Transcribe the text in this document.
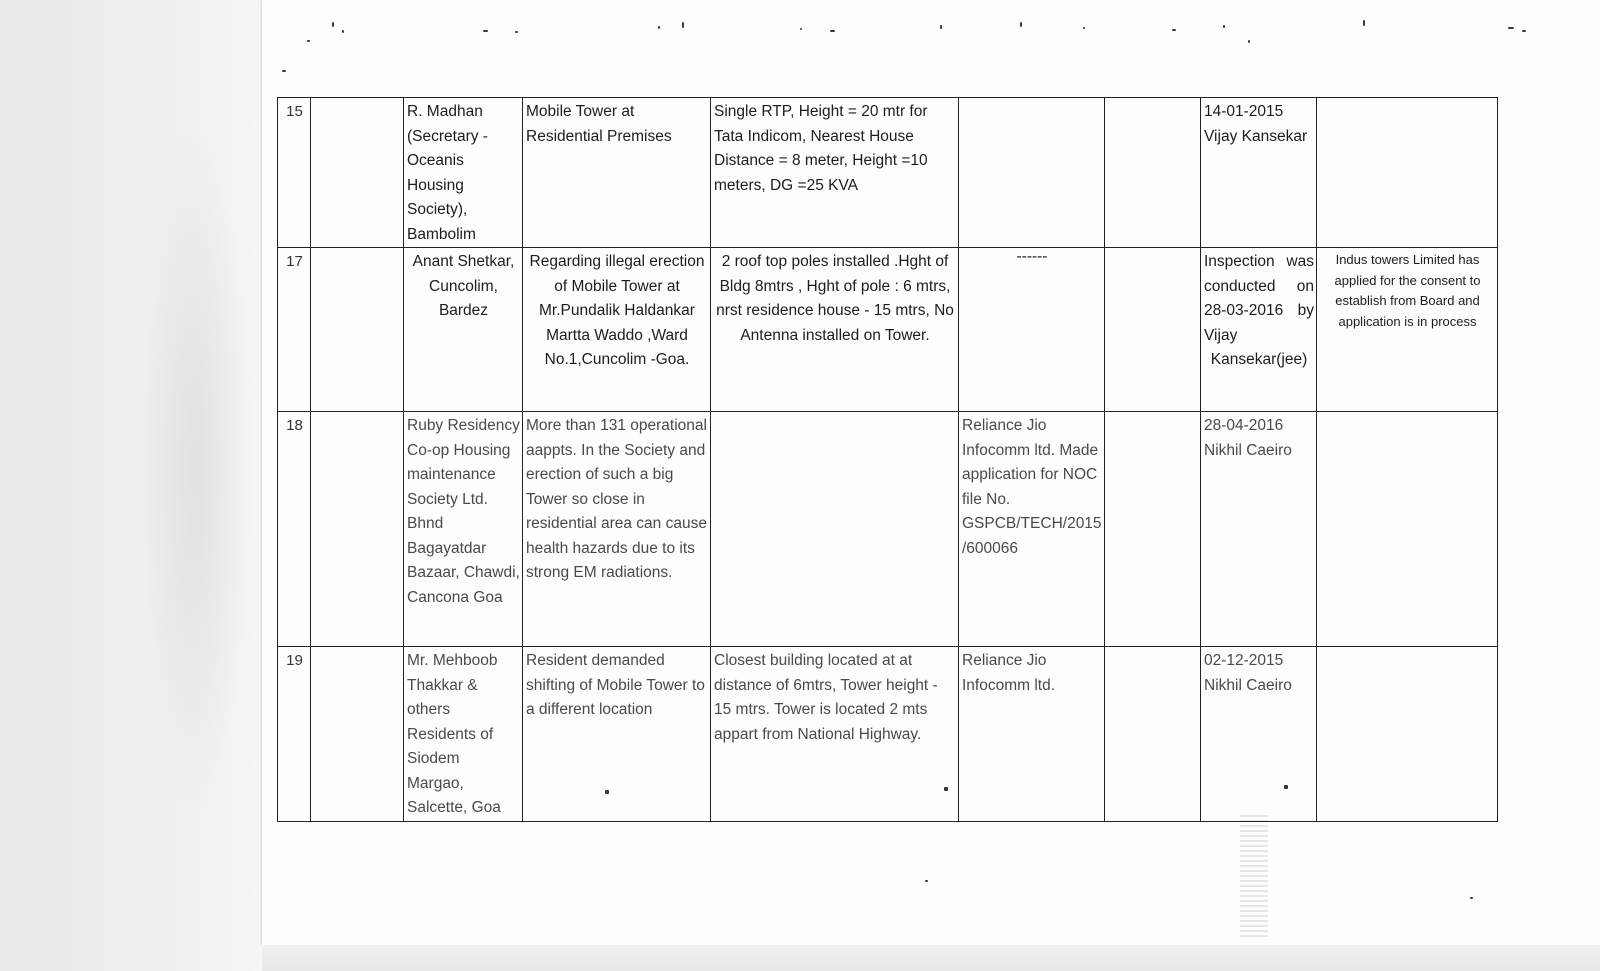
15		R. Madhan (Secretary - Oceanis Housing Society), Bambolim	Mobile Tower at Residential Premises	Single RTP, Height = 20 mtr for Tata Indicom, Nearest House Distance = 8 meter, Height =10 meters, DG =25 KVA			14-01-2015 Vijay Kansekar	
17		Anant Shetkar, Cuncolim, Bardez	Regarding illegal erection of Mobile Tower at Mr.Pundalik Haldankar Martta Waddo ,Ward No.1,Cuncolim -Goa.	2 roof top poles installed .Hght of Bldg 8mtrs , Hght of pole : 6 mtrs, nrst residence house - 15 mtrs, No Antenna installed on Tower.	------		Inspection was conducted on 28-03-2016 by Vijay Kansekar(jee)	Indus towers Limited has applied for the consent to establish from Board and application is in process
18		Ruby Residency Co-op Housing maintenance Society Ltd. Bhnd Bagayatdar Bazaar, Chawdi, Cancona Goa	More than 131 operational aappts. In the Society and erection of such a big Tower so close in residential area can cause health hazards due to its strong EM radiations.		Reliance Jio Infocomm ltd. Made application for NOC file No. GSPCB/TECH/2015/600066		28-04-2016 Nikhil Caeiro	
19		Mr. Mehboob Thakkar & others Residents of Siodem Margao, Salcette, Goa	Resident demanded shifting of Mobile Tower to a different location	Closest building located at at distance of 6mtrs, Tower height - 15 mtrs. Tower is located 2 mts appart from National Highway.	Reliance Jio Infocomm ltd.		02-12-2015 Nikhil Caeiro	
